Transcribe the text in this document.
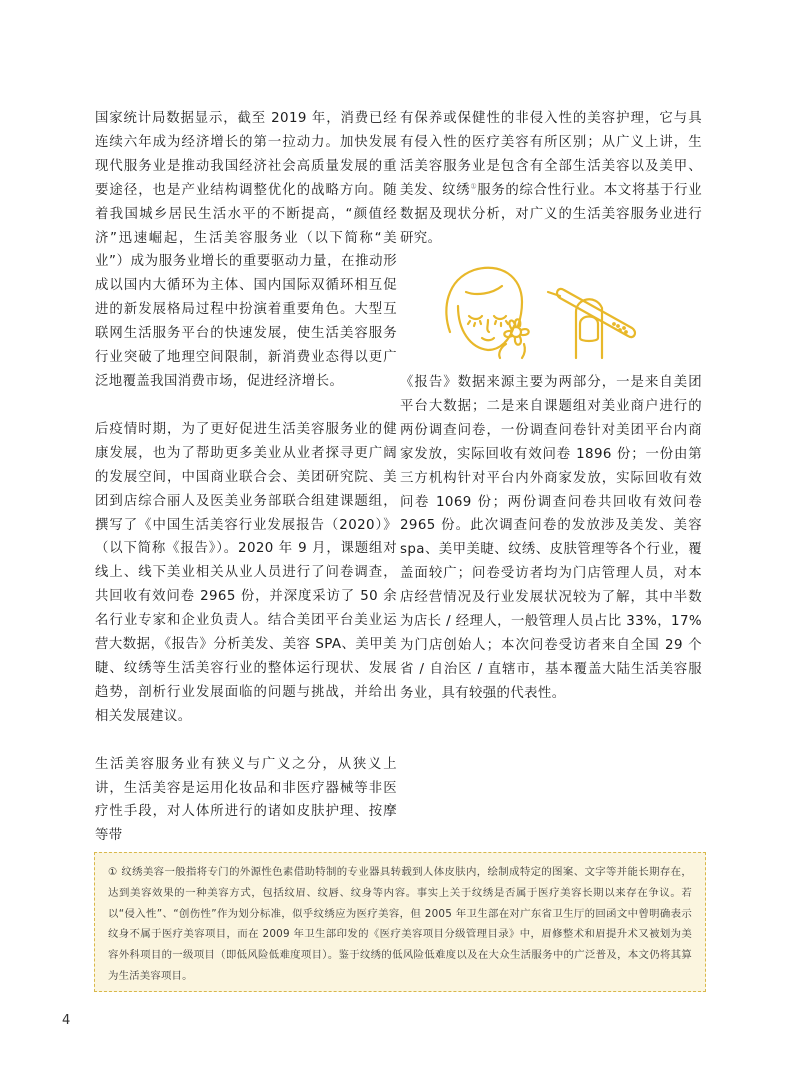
国家统计局数据显示，截至 2019 年，消费已经连续六年成为经济增长的第一拉动力。加快发展现代服务业是推动我国经济社会高质量发展的重要途径，也是产业结构调整优化的战略方向。随着我国城乡居民生活水平的不断提高，“颜值经济”迅速崛起，生活美容服务业（以下简称“美业”）成为服务业增长的重要驱动力量，在推动形成以国内大循环为主体、国内国际双循环相互促进的新发展格局过程中扮演着重要角色。大型互联网生活服务平台的快速发展，使生活美容服务行业突破了地理空间限制，新消费业态得以更广泛地覆盖我国消费市场，促进经济增长。

后疫情时期，为了更好促进生活美容服务业的健康发展，也为了帮助更多美业从业者探寻更广阔的发展空间，中国商业联合会、美团研究院、美团到店综合丽人及医美业务部联合组建课题组，撰写了《中国生活美容行业发展报告（2020）》（以下简称《报告》）。2020 年 9 月，课题组对线上、线下美业相关从业人员进行了问卷调查，共回收有效问卷 2965 份，并深度采访了 50 余名行业专家和企业负责人。结合美团平台美业运营大数据，《报告》分析美发、美容 SPA、美甲美睫、纹绣等生活美容行业的整体运行现状、发展趋势，剖析行业发展面临的问题与挑战，并给出相关发展建议。

生活美容服务业有狭义与广义之分，从狭义上讲，生活美容是运用化妆品和非医疗器械等非医疗性手段，对人体所进行的诸如皮肤护理、按摩等带

有保养或保健性的非侵入性的美容护理，它与具有侵入性的医疗美容有所区别；从广义上讲，生活美容服务业是包含有全部生活美容以及美甲、美发、纹绣①服务的综合性行业。本文将基于行业数据及现状分析，对广义的生活美容服务业进行研究。

《报告》数据来源主要为两部分，一是来自美团平台大数据；二是来自课题组对美业商户进行的两份调查问卷，一份调查问卷针对美团平台内商家发放，实际回收有效问卷 1896 份；一份由第三方机构针对平台内外商家发放，实际回收有效问卷 1069 份；两份调查问卷共回收有效问卷 2965 份。此次调查问卷的发放涉及美发、美容 spa、美甲美睫、纹绣、皮肤管理等各个行业，覆盖面较广；问卷受访者均为门店管理人员，对本店经营情况及行业发展状况较为了解，其中半数为店长 / 经理人，一般管理人员占比 33%，17% 为门店创始人；本次问卷受访者来自全国 29 个省 / 自治区 / 直辖市，基本覆盖大陆生活美容服务业，具有较强的代表性。

① 纹绣美容一般指将专门的外源性色素借助特制的专业器具转载到人体皮肤内，绘制成特定的图案、文字等并能长期存在，达到美容效果的一种美容方式，包括纹眉、纹唇、纹身等内容。事实上关于纹绣是否属于医疗美容长期以来存在争议。若以“侵入性”、“创伤性”作为划分标准，似乎纹绣应为医疗美容，但 2005 年卫生部在对广东省卫生厅的回函文中曾明确表示纹身不属于医疗美容项目，而在 2009 年卫生部印发的《医疗美容项目分级管理目录》中，眉修整术和眉提升术又被划为美容外科项目的一级项目（即低风险低难度项目）。鉴于纹绣的低风险低难度以及在大众生活服务中的广泛普及，本文仍将其算为生活美容项目。
4
